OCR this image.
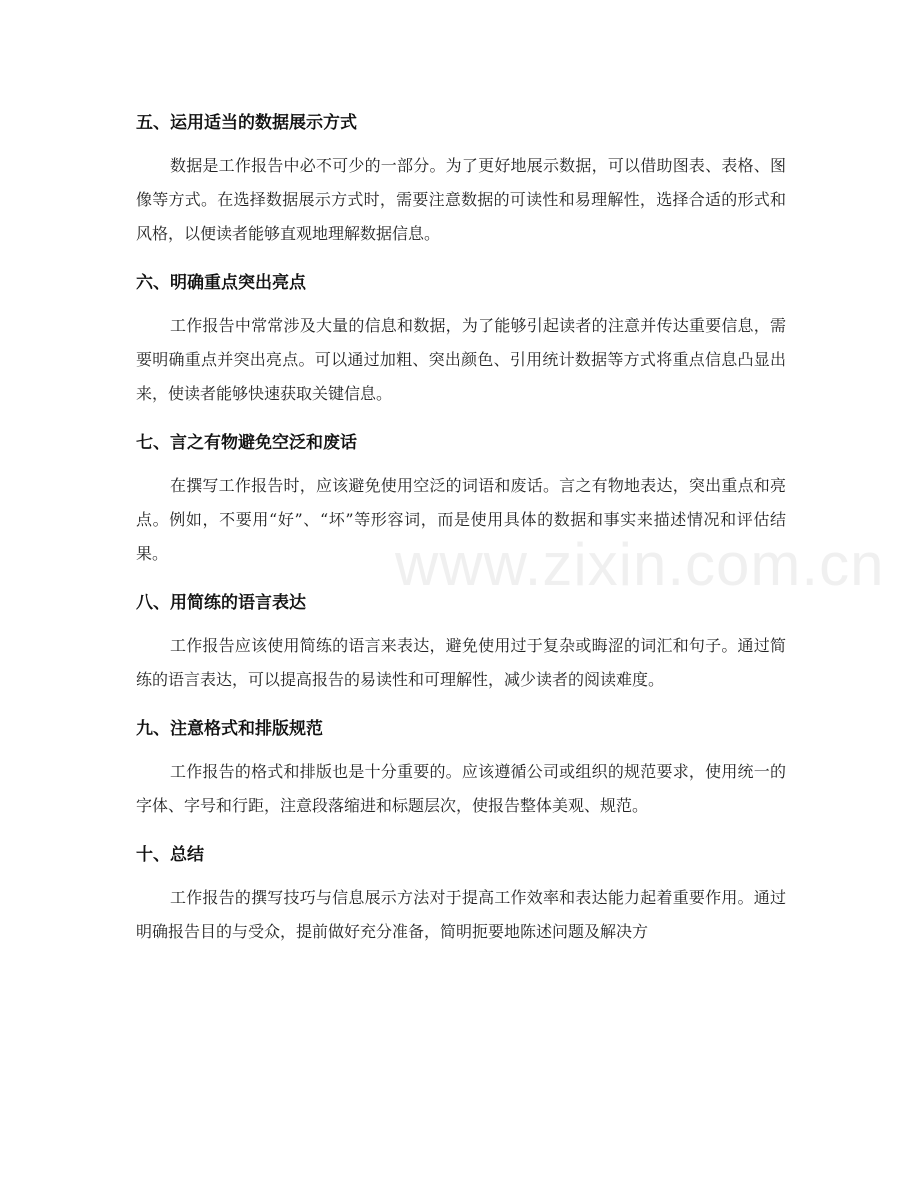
www.zixin.com.cn
五、运用适当的数据展示方式

数据是工作报告中必不可少的一部分。为了更好地展示数据，可以借助图表、表格、图像等方式。在选择数据展示方式时，需要注意数据的可读性和易理解性，选择合适的形式和风格，以便读者能够直观地理解数据信息。

六、明确重点突出亮点

工作报告中常常涉及大量的信息和数据，为了能够引起读者的注意并传达重要信息，需要明确重点并突出亮点。可以通过加粗、突出颜色、引用统计数据等方式将重点信息凸显出来，使读者能够快速获取关键信息。

七、言之有物避免空泛和废话

在撰写工作报告时，应该避免使用空泛的词语和废话。言之有物地表达，突出重点和亮点。例如，不要用“好”、“坏”等形容词，而是使用具体的数据和事实来描述情况和评估结果。

八、用简练的语言表达

工作报告应该使用简练的语言来表达，避免使用过于复杂或晦涩的词汇和句子。通过简练的语言表达，可以提高报告的易读性和可理解性，减少读者的阅读难度。

九、注意格式和排版规范

工作报告的格式和排版也是十分重要的。应该遵循公司或组织的规范要求，使用统一的字体、字号和行距，注意段落缩进和标题层次，使报告整体美观、规范。

十、总结

工作报告的撰写技巧与信息展示方法对于提高工作效率和表达能力起着重要作用。通过明确报告目的与受众，提前做好充分准备，简明扼要地陈述问题及解决方
